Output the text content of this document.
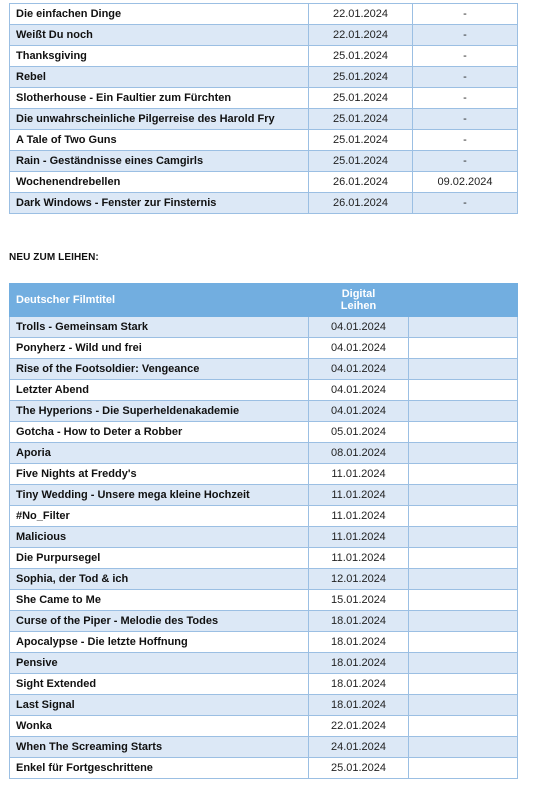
Die einfachen Dinge	22.01.2024	-
Weißt Du noch	22.01.2024	-
Thanksgiving	25.01.2024	-
Rebel	25.01.2024	-
Slotherhouse - Ein Faultier zum Fürchten	25.01.2024	-
Die unwahrscheinliche Pilgerreise des Harold Fry	25.01.2024	-
A Tale of Two Guns	25.01.2024	-
Rain - Geständnisse eines Camgirls	25.01.2024	-
Wochenendrebellen	26.01.2024	09.02.2024
Dark Windows - Fenster zur Finsternis	26.01.2024	-
NEU ZUM LEIHEN:
Deutscher Filmtitel	Digital
Leihen	
Trolls - Gemeinsam Stark	04.01.2024	
Ponyherz - Wild und frei	04.01.2024	
Rise of the Footsoldier: Vengeance	04.01.2024	
Letzter Abend	04.01.2024	
The Hyperions - Die Superheldenakademie	04.01.2024	
Gotcha - How to Deter a Robber	05.01.2024	
Aporia	08.01.2024	
Five Nights at Freddy's	11.01.2024	
Tiny Wedding - Unsere mega kleine Hochzeit	11.01.2024	
#No_Filter	11.01.2024	
Malicious	11.01.2024	
Die Purpursegel	11.01.2024	
Sophia, der Tod & ich	12.01.2024	
She Came to Me	15.01.2024	
Curse of the Piper - Melodie des Todes	18.01.2024	
Apocalypse - Die letzte Hoffnung	18.01.2024	
Pensive	18.01.2024	
Sight Extended	18.01.2024	
Last Signal	18.01.2024	
Wonka	22.01.2024	
When The Screaming Starts	24.01.2024	
Enkel für Fortgeschrittene	25.01.2024	
